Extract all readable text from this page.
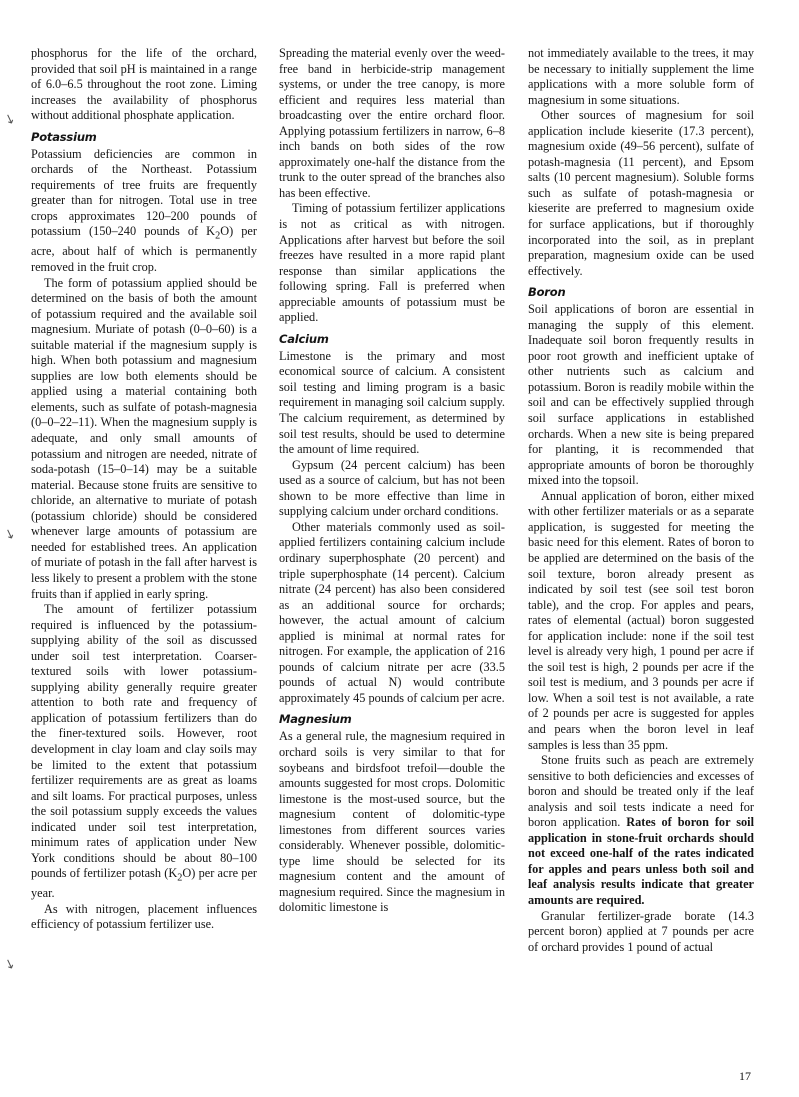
phosphorus for the life of the orchard, provided that soil pH is maintained in a range of 6.0–6.5 throughout the root zone. Liming increases the availability of phosphorus without additional phosphate application.

Potassium

Potassium deficiencies are common in orchards of the Northeast. Potassium requirements of tree fruits are frequently greater than for nitrogen. Total use in tree crops approximates 120–200 pounds of potassium (150–240 pounds of $K_2O$) per acre, about half of which is permanently removed in the fruit crop.

The form of potassium applied should be determined on the basis of both the amount of potassium required and the available soil magnesium. Muriate of potash (0–0–60) is a suitable material if the magnesium supply is high. When both potassium and magnesium supplies are low both elements should be applied using a material containing both elements, such as sulfate of potash-magnesia (0–0–22–11). When the magnesium supply is adequate, and only small amounts of potassium and nitrogen are needed, nitrate of soda-potash (15–0–14) may be a suitable material. Because stone fruits are sensitive to chloride, an alternative to muriate of potash (potassium chloride) should be considered whenever large amounts of potassium are needed for established trees. An application of muriate of potash in the fall after harvest is less likely to present a problem with the stone fruits than if applied in early spring.

The amount of fertilizer potassium required is influenced by the potassium-supplying ability of the soil as discussed under soil test interpretation. Coarser-textured soils with lower potassium-supplying ability generally require greater attention to both rate and frequency of application of potassium fertilizers than do the finer-textured soils. However, root development in clay loam and clay soils may be limited to the extent that potassium fertilizer requirements are as great as loams and silt loams. For practical purposes, unless the soil potassium supply exceeds the values indicated under soil test interpretation, minimum rates of application under New York conditions should be about 80–100 pounds of fertilizer potash $(K_2O)$ per acre per year.

As with nitrogen, placement influences efficiency of potassium fertilizer use.

Spreading the material evenly over the weed-free band in herbicide-strip management systems, or under the tree canopy, is more efficient and requires less material than broadcasting over the entire orchard floor. Applying potassium fertilizers in narrow, 6–8 inch bands on both sides of the row approximately one-half the distance from the trunk to the outer spread of the branches also has been effective.

Timing of potassium fertilizer applications is not as critical as with nitrogen. Applications after harvest but before the soil freezes have resulted in a more rapid plant response than similar applications the following spring. Fall is preferred when appreciable amounts of potassium must be applied.

Calcium

Limestone is the primary and most economical source of calcium. A consistent soil testing and liming program is a basic requirement in managing soil calcium supply. The calcium requirement, as determined by soil test results, should be used to determine the amount of lime required.

Gypsum (24 percent calcium) has been used as a source of calcium, but has not been shown to be more effective than lime in supplying calcium under orchard conditions.

Other materials commonly used as soil-applied fertilizers containing calcium include ordinary superphosphate (20 percent) and triple superphosphate (14 percent). Calcium nitrate (24 percent) has also been considered as an additional source for orchards; however, the actual amount of calcium applied is minimal at normal rates for nitrogen. For example, the application of 216 pounds of calcium nitrate per acre (33.5 pounds of actual N) would contribute approximately 45 pounds of calcium per acre.

Magnesium

As a general rule, the magnesium required in orchard soils is very similar to that for soybeans and birdsfoot trefoil—double the amounts suggested for most crops. Dolomitic limestone is the most-used source, but the magnesium content of dolomitic-type limestones from different sources varies considerably. Whenever possible, dolomitic-type lime should be selected for its magnesium content and the amount of magnesium required. Since the magnesium in dolomitic limestone is

not immediately available to the trees, it may be necessary to initially supplement the lime applications with a more soluble form of magnesium in some situations.

Other sources of magnesium for soil application include kieserite (17.3 percent), magnesium oxide (49–56 percent), sulfate of potash-magnesia (11 percent), and Epsom salts (10 percent magnesium). Soluble forms such as sulfate of potash-magnesia or kieserite are preferred to magnesium oxide for surface applications, but if thoroughly incorporated into the soil, as in preplant preparation, magnesium oxide can be used effectively.

Boron

Soil applications of boron are essential in managing the supply of this element. Inadequate soil boron frequently results in poor root growth and inefficient uptake of other nutrients such as calcium and potassium. Boron is readily mobile within the soil and can be effectively supplied through soil surface applications in established orchards. When a new site is being prepared for planting, it is recommended that appropriate amounts of boron be thoroughly mixed into the topsoil.

Annual application of boron, either mixed with other fertilizer materials or as a separate application, is suggested for meeting the basic need for this element. Rates of boron to be applied are determined on the basis of the soil texture, boron already present as indicated by soil test (see soil test boron table), and the crop. For apples and pears, rates of elemental (actual) boron suggested for application include: none if the soil test level is already very high, 1 pound per acre if the soil test is high, 2 pounds per acre if the soil test is medium, and 3 pounds per acre if low. When a soil test is not available, a rate of 2 pounds per acre is suggested for apples and pears when the boron level in leaf samples is less than 35 ppm.

Stone fruits such as peach are extremely sensitive to both deficiencies and excesses of boron and should be treated only if the leaf analysis and soil tests indicate a need for boron application. Rates of boron for soil application in stone-fruit orchards should not exceed one-half of the rates indicated for apples and pears unless both soil and leaf analysis results indicate that greater amounts are required.

Granular fertilizer-grade borate (14.3 percent boron) applied at 7 pounds per acre of orchard provides 1 pound of actual

↘
↘
↘
17
